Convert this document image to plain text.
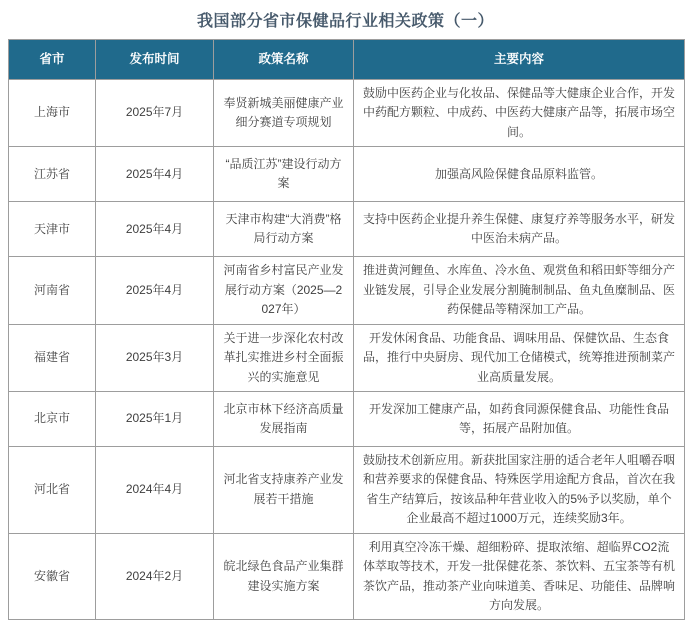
我国部分省市保健品行业相关政策（一）
省市	发布时间	政策名称	主要内容
上海市	2025年7月	奉贤新城美丽健康产业细分赛道专项规划	鼓励中医药企业与化妆品、保健品等大健康企业合作，开发中药配方颗粒、中成药、中医药大健康产品等，拓展市场空间。
江苏省	2025年4月	“品质江苏”建设行动方案	加强高风险保健食品原料监管。
天津市	2025年4月	天津市构建“大消费”格局行动方案	支持中医药企业提升养生保健、康复疗养等服务水平，研发中医治未病产品。
河南省	2025年4月	河南省乡村富民产业发展行动方案（2025—2027年）	推进黄河鲤鱼、水库鱼、冷水鱼、观赏鱼和稻田虾等细分产业链发展，引导企业发展分割腌制制品、鱼丸鱼糜制品、医药保健品等精深加工产品。
福建省	2025年3月	关于进一步深化农村改革扎实推进乡村全面振兴的实施意见	开发休闲食品、功能食品、调味用品、保健饮品、生态食品，推行中央厨房、现代加工仓储模式，统筹推进预制菜产业高质量发展。
北京市	2025年1月	北京市林下经济高质量发展指南	开发深加工健康产品，如药食同源保健食品、功能性食品等，拓展产品附加值。
河北省	2024年4月	河北省支持康养产业发展若干措施	鼓励技术创新应用。新获批国家注册的适合老年人咀嚼吞咽和营养要求的保健食品、特殊医学用途配方食品，首次在我省生产结算后，按该品种年营业收入的5%予以奖励，单个企业最高不超过1000万元，连续奖励3年。
安徽省	2024年2月	皖北绿色食品产业集群建设实施方案	利用真空冷冻干燥、超细粉碎、提取浓缩、超临界CO2流体萃取等技术，开发一批保健花茶、茶饮料、五宝茶等有机茶饮产品，推动茶产业向味道美、香味足、功能佳、品牌响方向发展。
